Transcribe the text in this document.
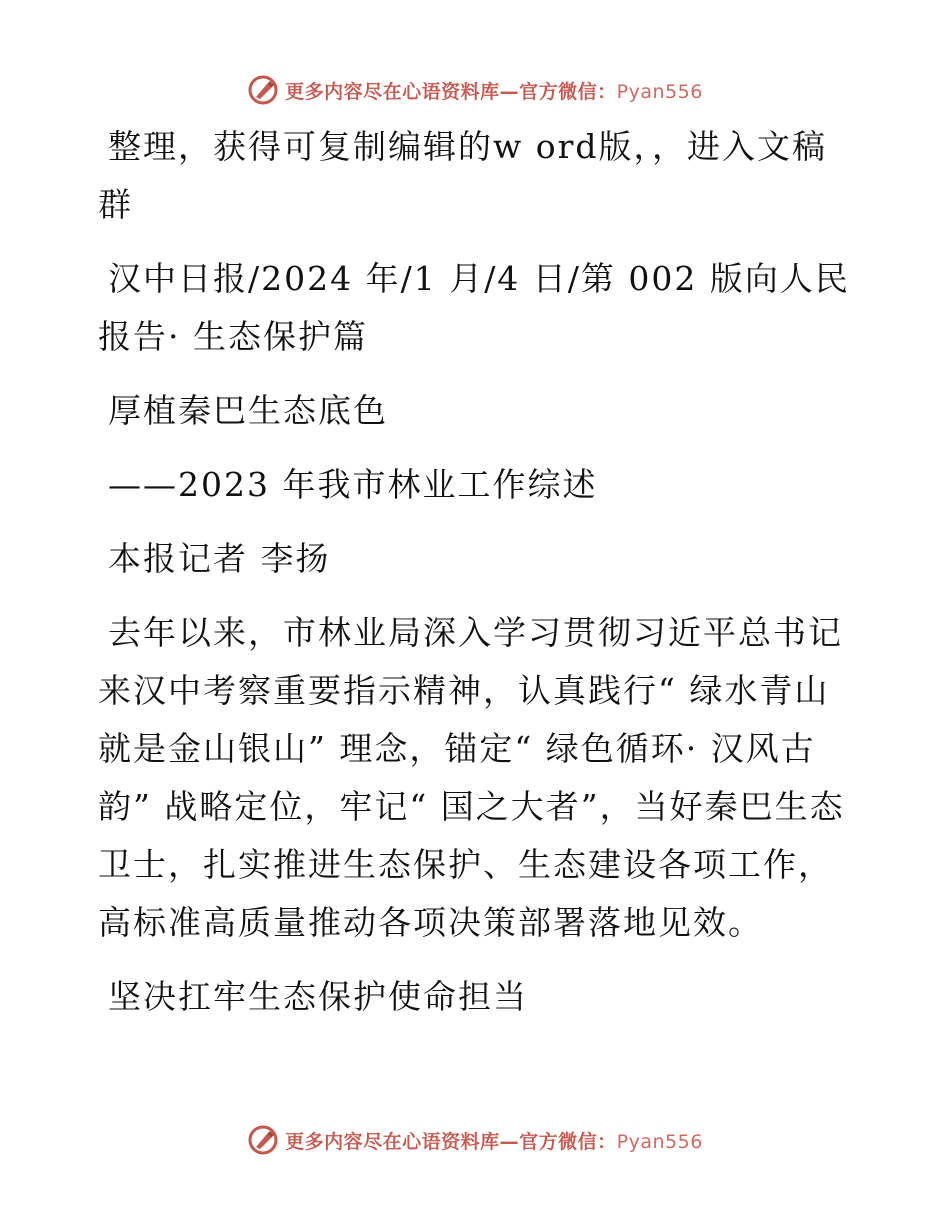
更多内容尽在心语资料库—官方微信：Pyan556

整理，获得可复制编辑的w ord版，，进入文稿群

汉中日报/2024 年/1 月/4 日/第 002 版向人民报告· 生态保护篇

厚植秦巴生态底色

——2023 年我市林业工作综述

本报记者 李扬

去年以来，市林业局深入学习贯彻习近平总书记来汉中考察重要指示精神，认真践行“ 绿水青山就是金山银山” 理念，锚定“ 绿色循环· 汉风古韵” 战略定位，牢记“ 国之大者”，当好秦巴生态卫士，扎实推进生态保护、生态建设各项工作，高标准高质量推动各项决策部署落地见效。

坚决扛牢生态保护使命担当

更多内容尽在心语资料库—官方微信：Pyan556
